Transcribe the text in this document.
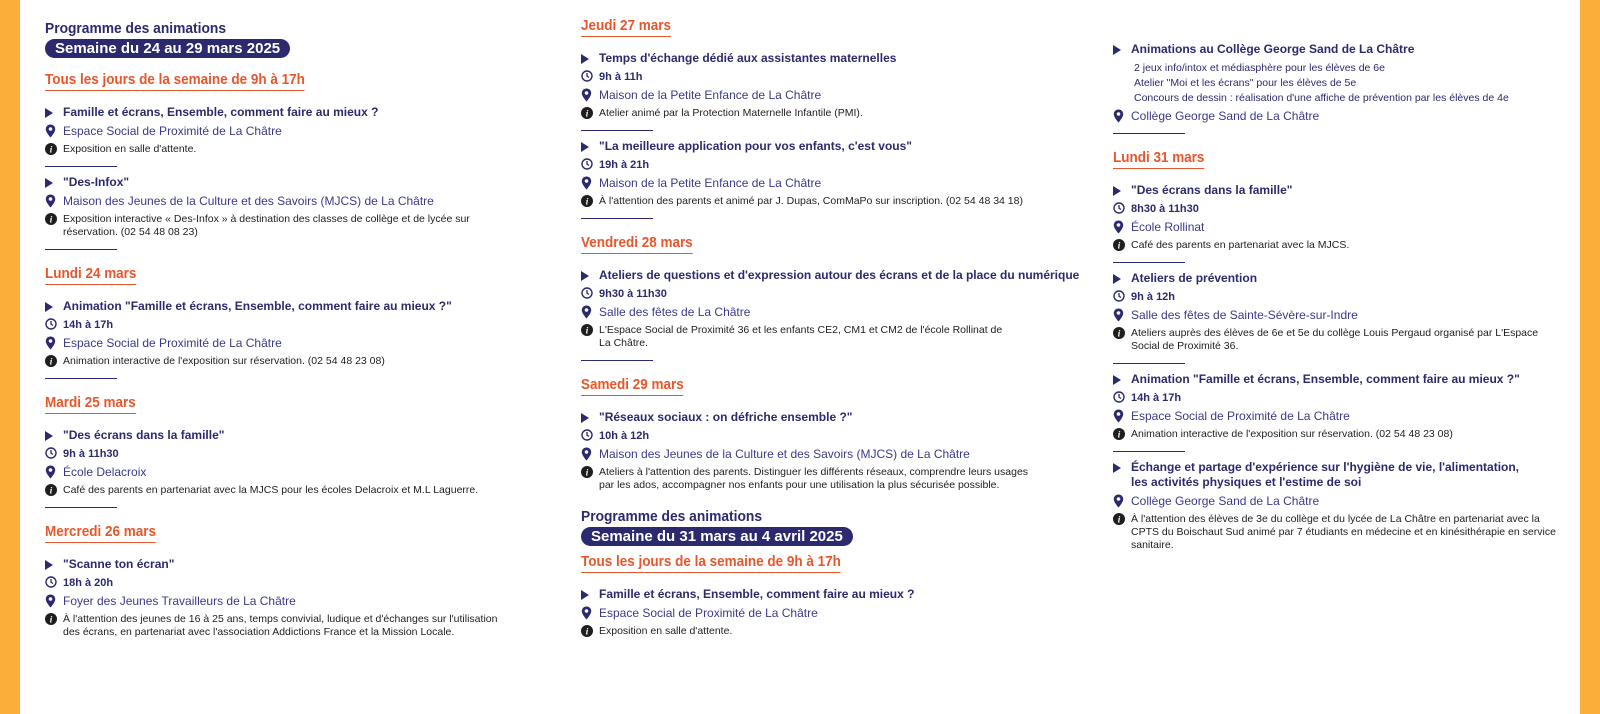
Programme des animations
Semaine du 24 au 29 mars 2025
Tous les jours de la semaine de 9h à 17h
Famille et écrans, Ensemble, comment faire au mieux ?
Espace Social de Proximité de La Châtre
i Exposition en salle d'attente.
"Des-Infox"
Maison des Jeunes de la Culture et des Savoirs (MJCS) de La Châtre
i Exposition interactive « Des-Infox » à destination des classes de collège et de lycée sur réservation. (02 54 48 08 23)
Lundi 24 mars
Animation "Famille et écrans, Ensemble, comment faire au mieux ?"
14h à 17h
Espace Social de Proximité de La Châtre
i Animation interactive de l'exposition sur réservation. (02 54 48 23 08)
Mardi 25 mars
"Des écrans dans la famille"
9h à 11h30
École Delacroix
i Café des parents en partenariat avec la MJCS pour les écoles Delacroix et M.L Laguerre.
Mercredi 26 mars
"Scanne ton écran"
18h à 20h
Foyer des Jeunes Travailleurs de La Châtre
i À l'attention des jeunes de 16 à 25 ans, temps convivial, ludique et d'échanges sur l'utilisation des écrans, en partenariat avec l'association Addictions France et la Mission Locale.
Jeudi 27 mars
Temps d'échange dédié aux assistantes maternelles
9h à 11h
Maison de la Petite Enfance de La Châtre
i Atelier animé par la Protection Maternelle Infantile (PMI).
"La meilleure application pour vos enfants, c'est vous"
19h à 21h
Maison de la Petite Enfance de La Châtre
i À l'attention des parents et animé par J. Dupas, ComMaPo sur inscription. (02 54 48 34 18)
Vendredi 28 mars
Ateliers de questions et d'expression autour des écrans et de la place du numérique
9h30 à 11h30
Salle des fêtes de La Châtre
i L'Espace Social de Proximité 36 et les enfants CE2, CM1 et CM2 de l'école Rollinat de La Châtre.
Samedi 29 mars
"Réseaux sociaux : on défriche ensemble ?"
10h à 12h
Maison des Jeunes de la Culture et des Savoirs (MJCS) de La Châtre
i Ateliers à l'attention des parents. Distinguer les différents réseaux, comprendre leurs usages par les ados, accompagner nos enfants pour une utilisation la plus sécurisée possible.
Programme des animations
Semaine du 31 mars au 4 avril 2025
Tous les jours de la semaine de 9h à 17h
Famille et écrans, Ensemble, comment faire au mieux ?
Espace Social de Proximité de La Châtre
i Exposition en salle d'attente.
Animations au Collège George Sand de La Châtre
2 jeux info/intox et médiasphère pour les élèves de 6e
Atelier "Moi et les écrans" pour les élèves de 5e
Concours de dessin : réalisation d'une affiche de prévention par les élèves de 4e
Collège George Sand de La Châtre
Lundi 31 mars
"Des écrans dans la famille"
8h30 à 11h30
École Rollinat
i Café des parents en partenariat avec la MJCS.
Ateliers de prévention
9h à 12h
Salle des fêtes de Sainte-Sévère-sur-Indre
i Ateliers auprès des élèves de 6e et 5e du collège Louis Pergaud organisé par L'Espace Social de Proximité 36.
Animation "Famille et écrans, Ensemble, comment faire au mieux ?"
14h à 17h
Espace Social de Proximité de La Châtre
i Animation interactive de l'exposition sur réservation. (02 54 48 23 08)
Échange et partage d'expérience sur l'hygiène de vie, l'alimentation, les activités physiques et l'estime de soi
Collège George Sand de La Châtre
i À l'attention des élèves de 3e du collège et du lycée de La Châtre en partenariat avec la CPTS du Boischaut Sud animé par 7 étudiants en médecine et en kinésithérapie en service sanitaire.
